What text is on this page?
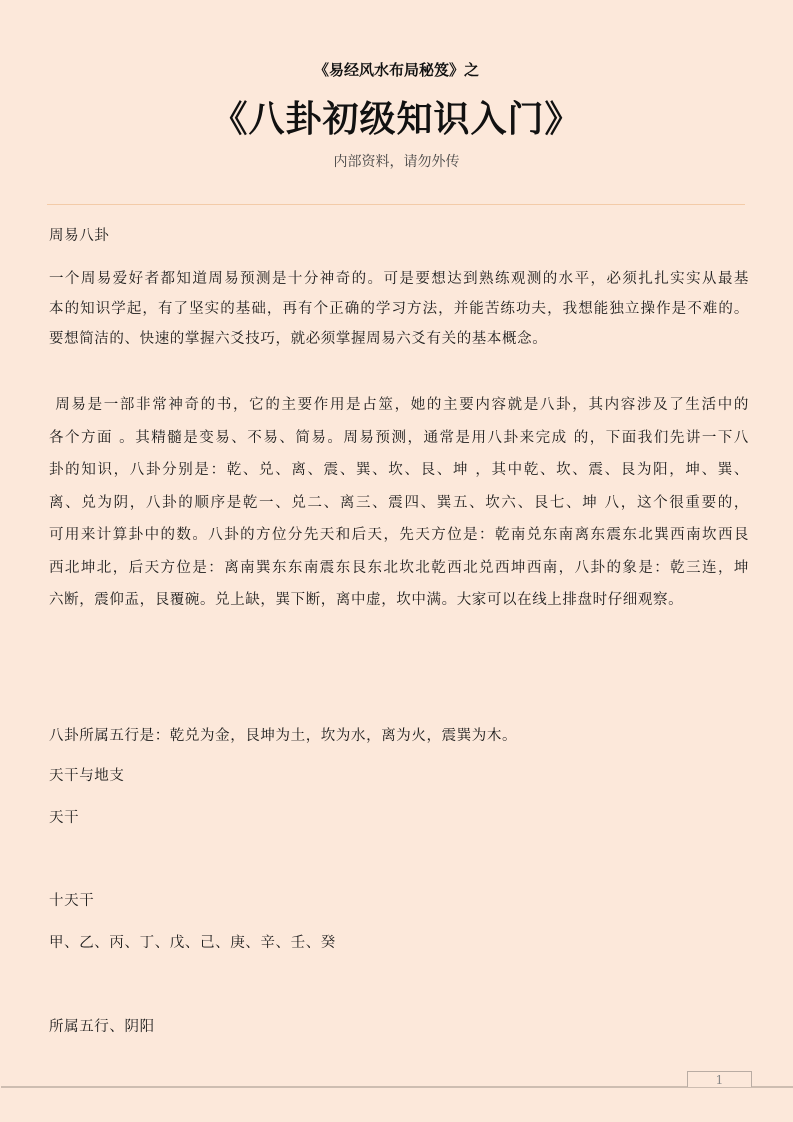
《易经风水布局秘笈》之
《八卦初级知识入门》
内部资料，请勿外传
周易八卦

一个周易爱好者都知道周易预测是十分神奇的。可是要想达到熟练观测的水平，必须扎扎实实从最基

本的知识学起，有了坚实的基础，再有个正确的学习方法，并能苦练功夫，我想能独立操作是不难的。

要想简洁的、快速的掌握六爻技巧，就必须掌握周易六爻有关的基本概念。

周易是一部非常神奇的书，它的主要作用是占筮，她的主要内容就是八卦，其内容涉及了生活中的

各个方面 。其精髓是变易、不易、简易。周易预测，通常是用八卦来完成 的，下面我们先讲一下八

卦的知识，八卦分别是：乾、兑、离、震、巽、坎、艮、坤 ，其中乾、坎、震、艮为阳，坤、巽、

离、兑为阴，八卦的顺序是乾一、兑二、离三、震四、巽五、坎六、艮七、坤 八，这个很重要的，

可用来计算卦中的数。八卦的方位分先天和后天，先天方位是：乾南兑东南离东震东北巽西南坎西艮

西北坤北，后天方位是：离南巽东东南震东艮东北坎北乾西北兑西坤西南，八卦的象是：乾三连，坤

六断，震仰盂，艮覆碗。兑上缺，巽下断，离中虚，坎中满。大家可以在线上排盘时仔细观察。

八卦所属五行是：乾兑为金，艮坤为土，坎为水，离为火，震巽为木。
天干与地支
天干
十天干
甲、乙、丙、丁、戊、己、庚、辛、壬、癸
所属五行、阴阳
1
